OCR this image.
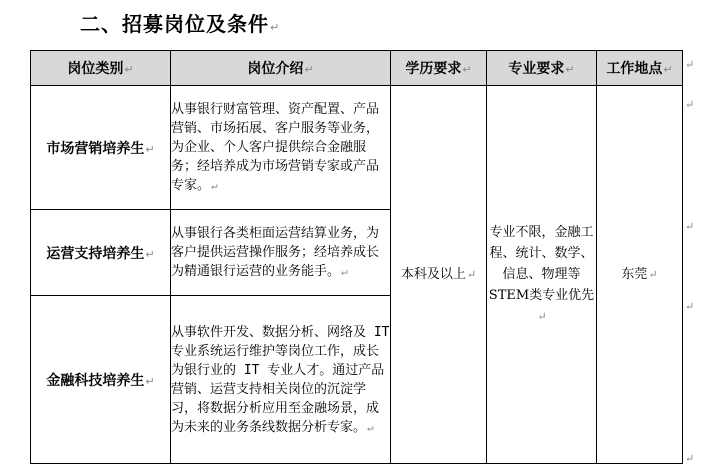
二、招募岗位及条件↵
岗位类别↵	岗位介绍↵	学历要求↵	专业要求↵	工作地点↵
市场营销培养生↵	从事银行财富管理、资产配置、产品营销、市场拓展、客户服务等业务，为企业、个人客户提供综合金融服务；经培养成为市场营销专家或产品专家。↵	本科及以上↵	专业不限，金融工程、统计、数学、信息、物理等STEM类专业优先↵	东莞↵
运营支持培养生↵	从事银行各类柜面运营结算业务，为客户提供运营操作服务；经培养成长为精通银行运营的业务能手。↵			
金融科技培养生↵	从事软件开发、数据分析、网络及 IT 专业系统运行维护等岗位工作，成长为银行业的 IT 专业人才。通过产品营销、运营支持相关岗位的沉淀学习，将数据分析应用至金融场景，成为未来的业务条线数据分析专家。↵			
↵
↵
↵
↵
↵
